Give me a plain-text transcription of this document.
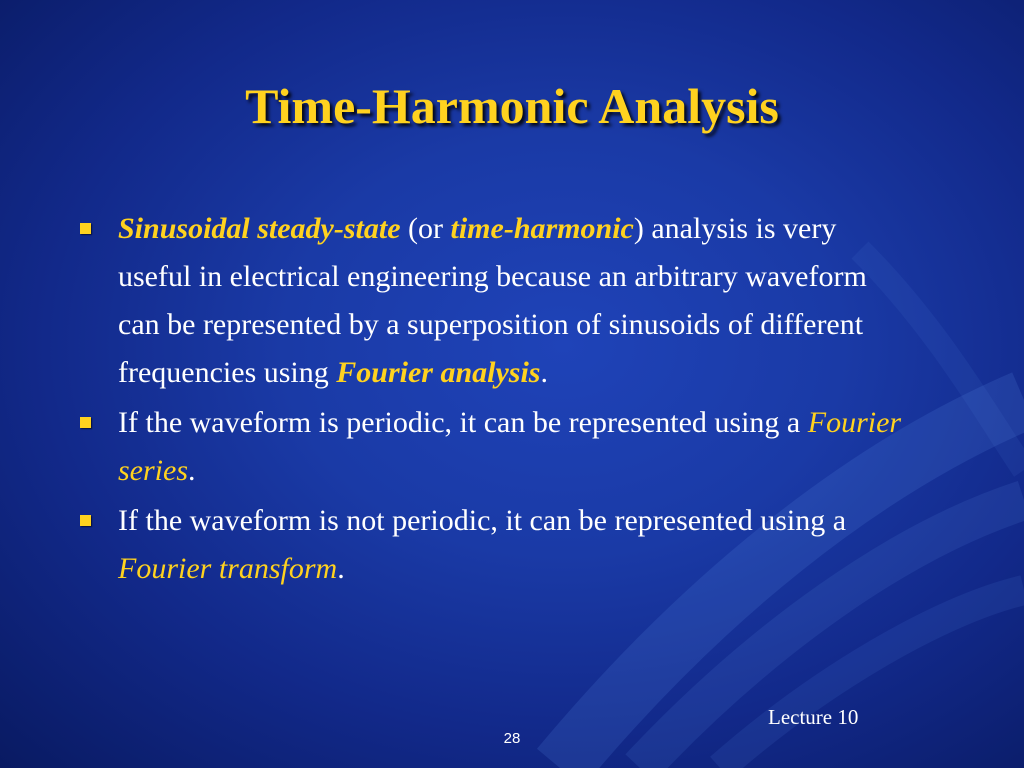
Time-Harmonic Analysis
Sinusoidal steady-state (or time-harmonic) analysis is very useful in electrical engineering because an arbitrary waveform can be represented by a superposition of sinusoids of different frequencies using Fourier analysis.
If the waveform is periodic, it can be represented using a Fourier series.
If the waveform is not periodic, it can be represented using a Fourier transform.
Lecture 10
28
